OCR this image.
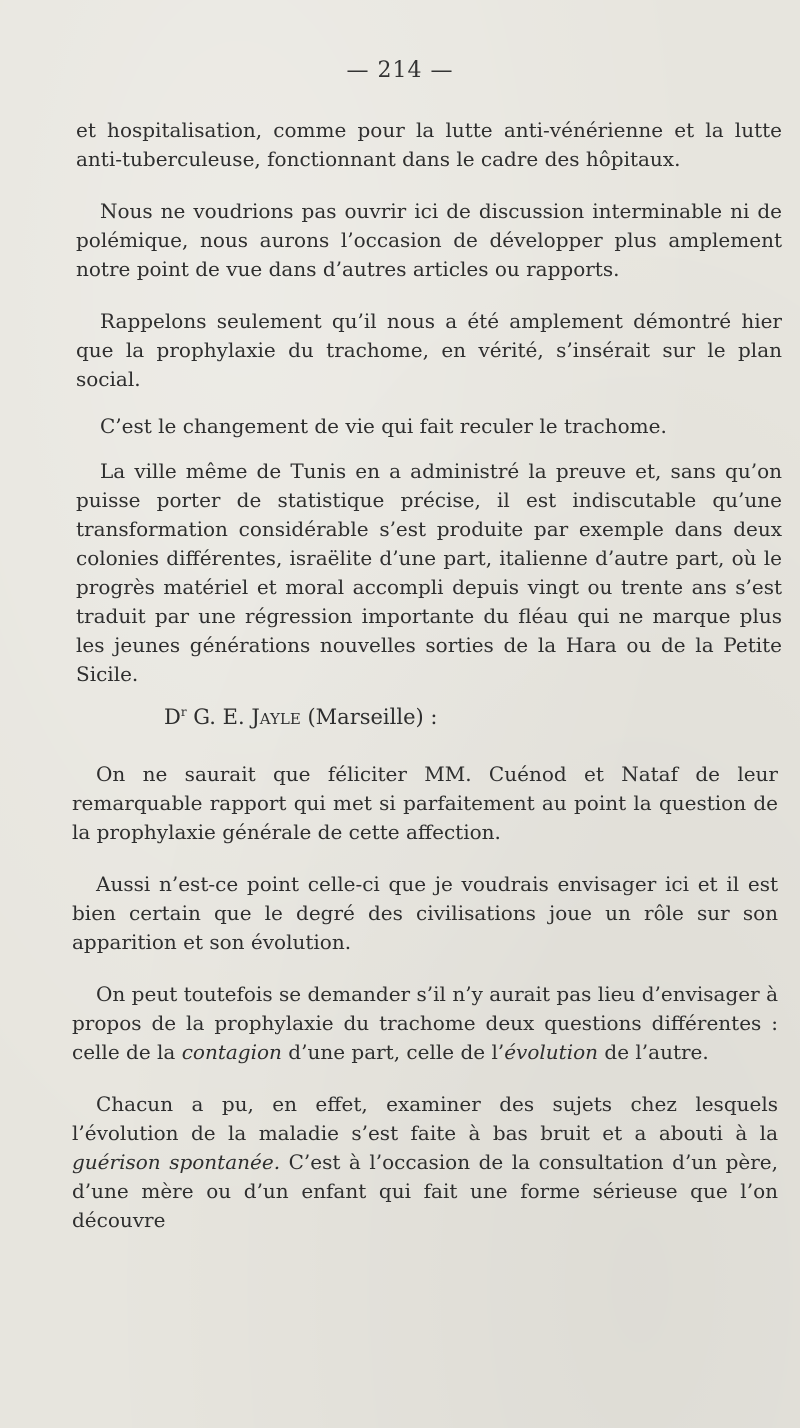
— 214 —
et hospitalisation, comme pour la lutte anti-vénérienne et la lutte anti-tuberculeuse, fonctionnant dans le cadre des hôpitaux.
Nous ne voudrions pas ouvrir ici de discussion interminable ni de polémique, nous aurons l’occasion de développer plus amplement notre point de vue dans d’autres articles ou rapports.
Rappelons seulement qu’il nous a été amplement démontré hier que la prophylaxie du trachome, en vérité, s’insérait sur le plan social.
C’est le changement de vie qui fait reculer le trachome.
La ville même de Tunis en a administré la preuve et, sans qu’on puisse porter de statistique précise, il est indiscutable qu’une transformation considérable s’est produite par exemple dans deux colonies différentes, israëlite d’une part, italienne d’autre part, où le progrès matériel et moral accompli depuis vingt ou trente ans s’est traduit par une régression importante du fléau qui ne marque plus les jeunes générations nouvelles sorties de la Hara ou de la Petite Sicile.
$D^r$ G. E. Jayle (Marseille) :
On ne saurait que féliciter MM. Cuénod et Nataf de leur remarquable rapport qui met si parfaitement au point la question de la prophylaxie générale de cette affection.
Aussi n’est-ce point celle-ci que je voudrais envisager ici et il est bien certain que le degré des civilisations joue un rôle sur son apparition et son évolution.
On peut toutefois se demander s’il n’y aurait pas lieu d’envisager à propos de la prophylaxie du trachome deux questions différentes : celle de la contagion d’une part, celle de l’évolution de l’autre.
Chacun a pu, en effet, examiner des sujets chez lesquels l’évolution de la maladie s’est faite à bas bruit et a abouti à la guérison spontanée. C’est à l’occasion de la consultation d’un père, d’une mère ou d’un enfant qui fait une forme sérieuse que l’on découvre
